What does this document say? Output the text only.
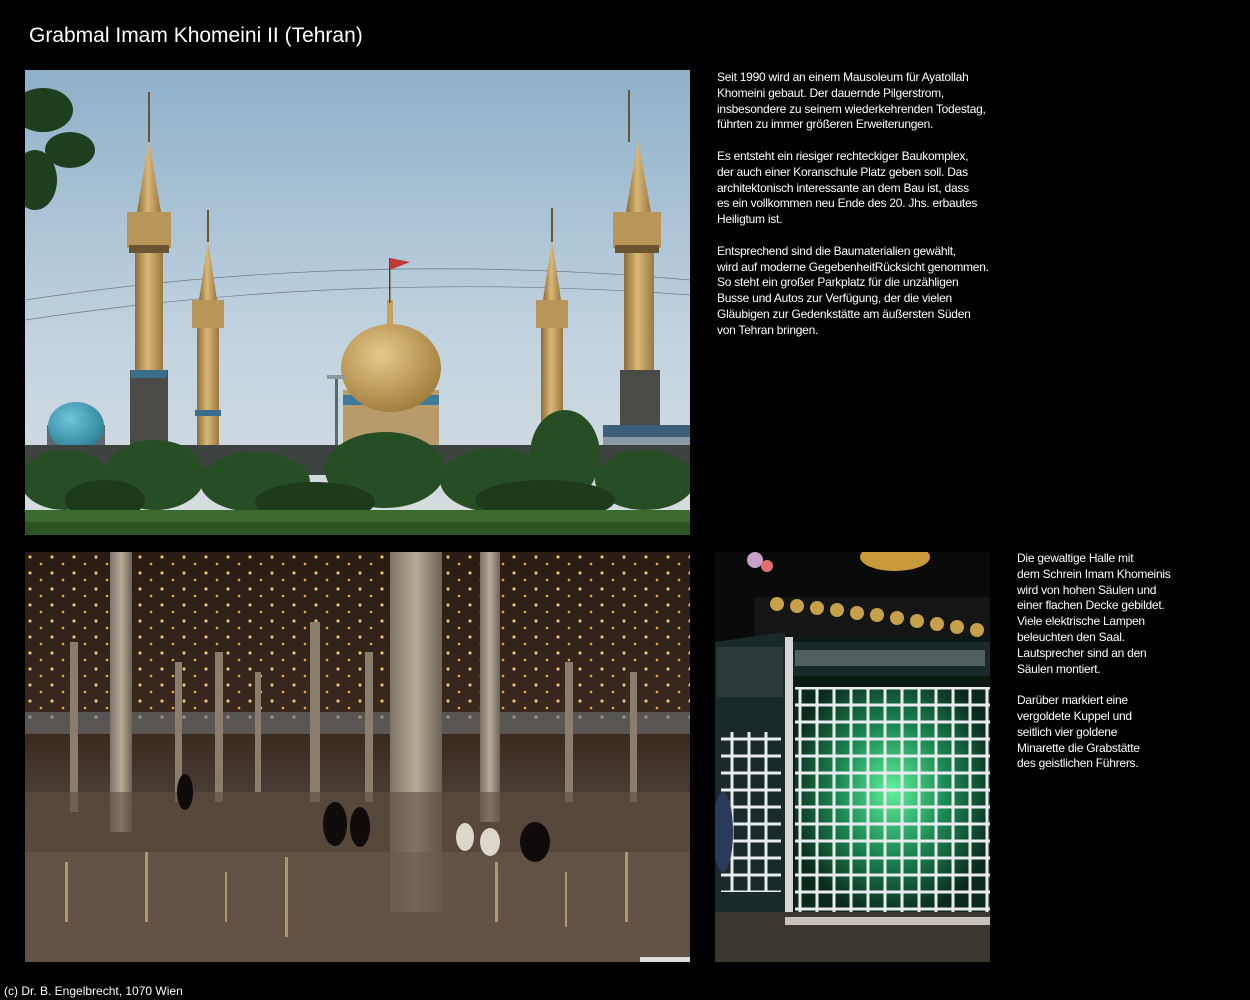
Grabmal Imam Khomeini II (Tehran)

Seit 1990 wird an einem Mausoleum für Ayatollah
Khomeini gebaut. Der dauernde Pilgerstrom,
insbesondere zu seinem wiederkehrenden Todestag,
führten zu immer größeren Erweiterungen.

Es entsteht ein riesiger rechteckiger Baukomplex,
der auch einer Koranschule Platz geben soll. Das
architektonisch interessante an dem Bau ist, dass
es ein vollkommen neu Ende des 20. Jhs. erbautes
Heiligtum ist.

Entsprechend sind die Baumaterialien gewählt,
wird auf moderne GegebenheitRücksicht genommen.
So steht ein großer Parkplatz für die unzähligen
Busse und Autos zur Verfügung, der die vielen
Gläubigen zur Gedenkstätte am äußersten Süden
von Tehran bringen.

Die gewaltige Halle mit
dem Schrein Imam Khomeinis
wird von hohen Säulen und
einer flachen Decke gebildet.
Viele elektrische Lampen
beleuchten den Saal.
Lautsprecher sind an den
Säulen montiert.

Darüber markiert eine
vergoldete Kuppel und
seitlich vier goldene
Minarette die Grabstätte
des geistlichen Führers.

(c) Dr. B. Engelbrecht, 1070 Wien
